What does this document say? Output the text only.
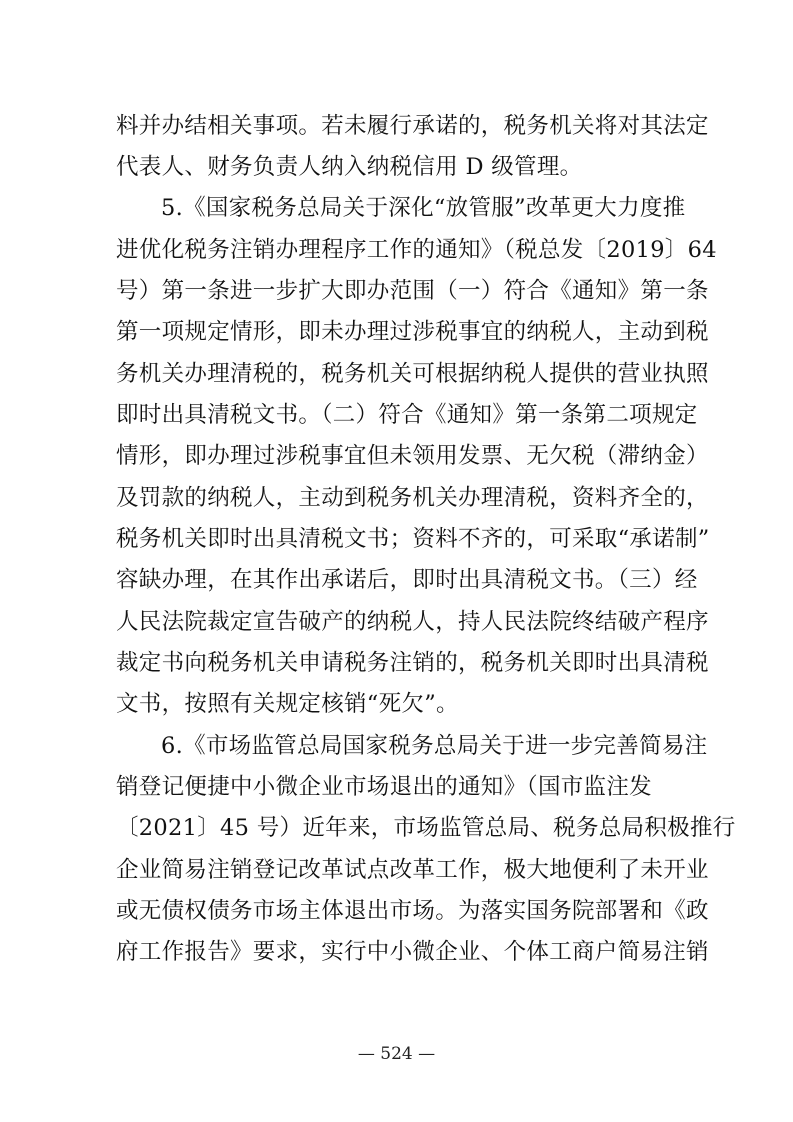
料并办结相关事项。若未履行承诺的，税务机关将对其法定
代表人、财务负责人纳入纳税信用 D 级管理。
5.《国家税务总局关于深化“放管服”改革更大力度推
进优化税务注销办理程序工作的通知》（税总发〔2019〕64
号）第一条进一步扩大即办范围（一）符合《通知》第一条
第一项规定情形，即未办理过涉税事宜的纳税人，主动到税
务机关办理清税的，税务机关可根据纳税人提供的营业执照
即时出具清税文书。（二）符合《通知》第一条第二项规定
情形，即办理过涉税事宜但未领用发票、无欠税（滞纳金）
及罚款的纳税人，主动到税务机关办理清税，资料齐全的，
税务机关即时出具清税文书；资料不齐的，可采取“承诺制”
容缺办理，在其作出承诺后，即时出具清税文书。（三）经
人民法院裁定宣告破产的纳税人，持人民法院终结破产程序
裁定书向税务机关申请税务注销的，税务机关即时出具清税
文书，按照有关规定核销“死欠”。
6.《市场监管总局国家税务总局关于进一步完善简易注
销登记便捷中小微企业市场退出的通知》（国市监注发
〔2021〕45 号）近年来，市场监管总局、税务总局积极推行
企业简易注销登记改革试点改革工作，极大地便利了未开业
或无债权债务市场主体退出市场。为落实国务院部署和《政
府工作报告》要求，实行中小微企业、个体工商户简易注销
— 524 —
